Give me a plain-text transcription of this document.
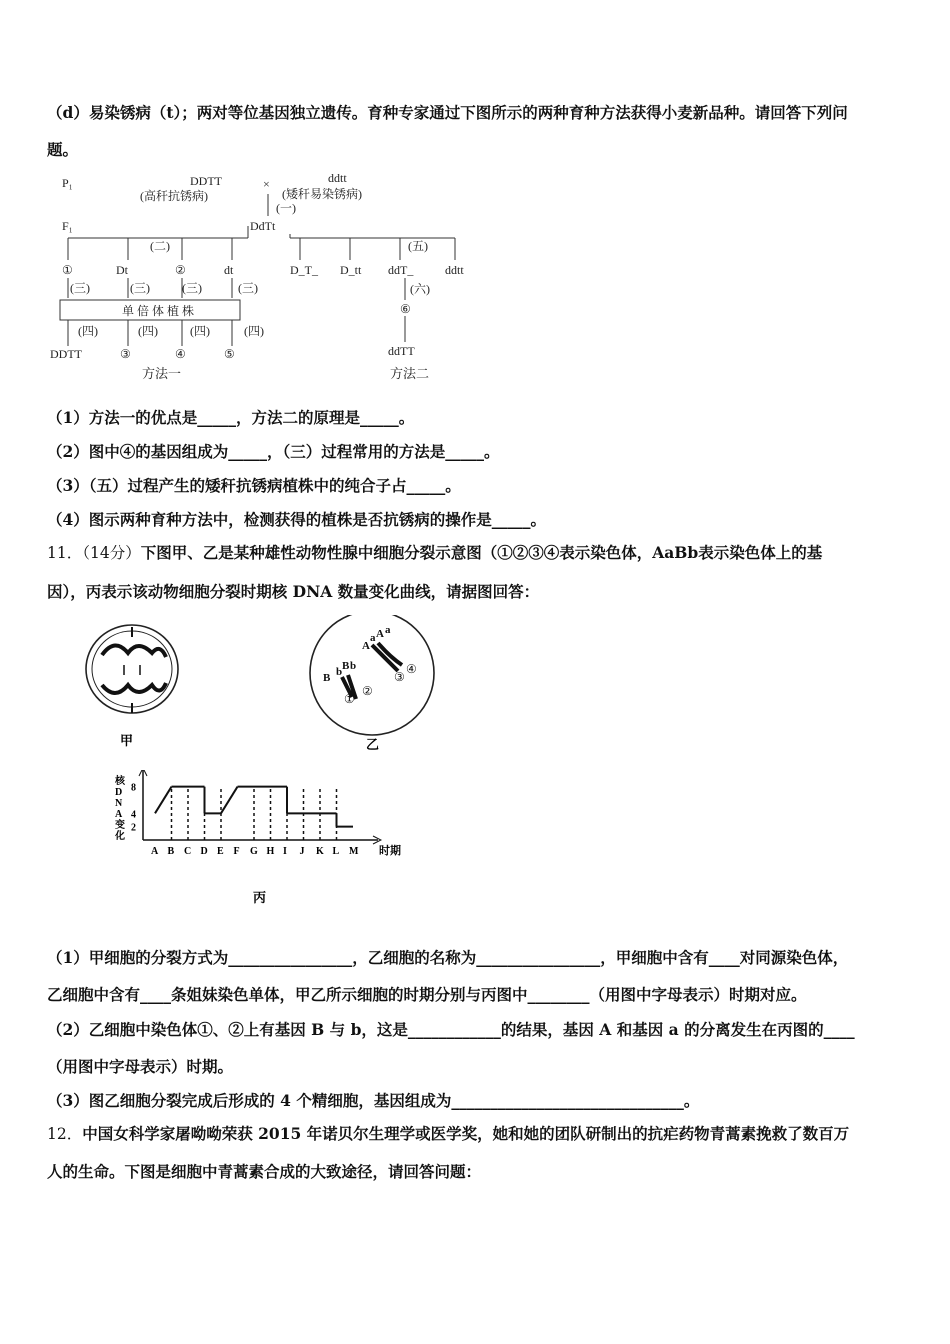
（d）易染锈病（t）；两对等位基因独立遗传。育种专家通过下图所示的两种育种方法获得小麦新品种。请回答下列问
题。
P₁
F₁
DDTT
(高秆抗锈病)
×	ddtt
(矮秆易染锈病)
(一)
DdTt
(二)	(五)
①	Dt	②	dt
(三)	(三)	(三)	(三)
单 倍 体 植 株
(四)	(四)	(四)	(四)
DDTT	③	④	⑤
方法一
D_T_ D_tt ddT_	ddtt
(六)
⑥
ddTT
方法二
（1）方法一的优点是_____，方法二的原理是_____。
（2）图中④的基因组成为_____，（三）过程常用的方法是_____。
（3）（五）过程产生的矮秆抗锈病植株中的纯合子占_____。
（4）图示两种育种方法中，检测获得的植株是否抗锈病的操作是_____。
11．（14分）下图甲、乙是某种雄性动物性腺中细胞分裂示意图（①②③④表示染色体，AaBb表示染色体上的基
因），丙表示该动物细胞分裂时期核 DNA 数量变化曲线，请据图回答：
甲
B b B b
A
a A a
①
②
③
④
乙
核
D
N
A
变
化
2
4
8
A B C D E F G H I J K L M 时期
丙
（1）甲细胞的分裂方式为________________，乙细胞的名称为________________，甲细胞中含有____对同源染色体，
乙细胞中含有____条姐妹染色单体，甲乙所示细胞的时期分别与丙图中________（用图中字母表示）时期对应。
（2）乙细胞中染色体①、②上有基因 B 与 b，这是____________的结果，基因 A 和基因 a 的分离发生在丙图的____
（用图中字母表示）时期。
（3）图乙细胞分裂完成后形成的 4 个精细胞，基因组成为______________________________。
12．中国女科学家屠呦呦荣获 2015 年诺贝尔生理学或医学奖，她和她的团队研制出的抗疟药物青蒿素挽救了数百万
人的生命。下图是细胞中青蒿素合成的大致途径，请回答问题：
